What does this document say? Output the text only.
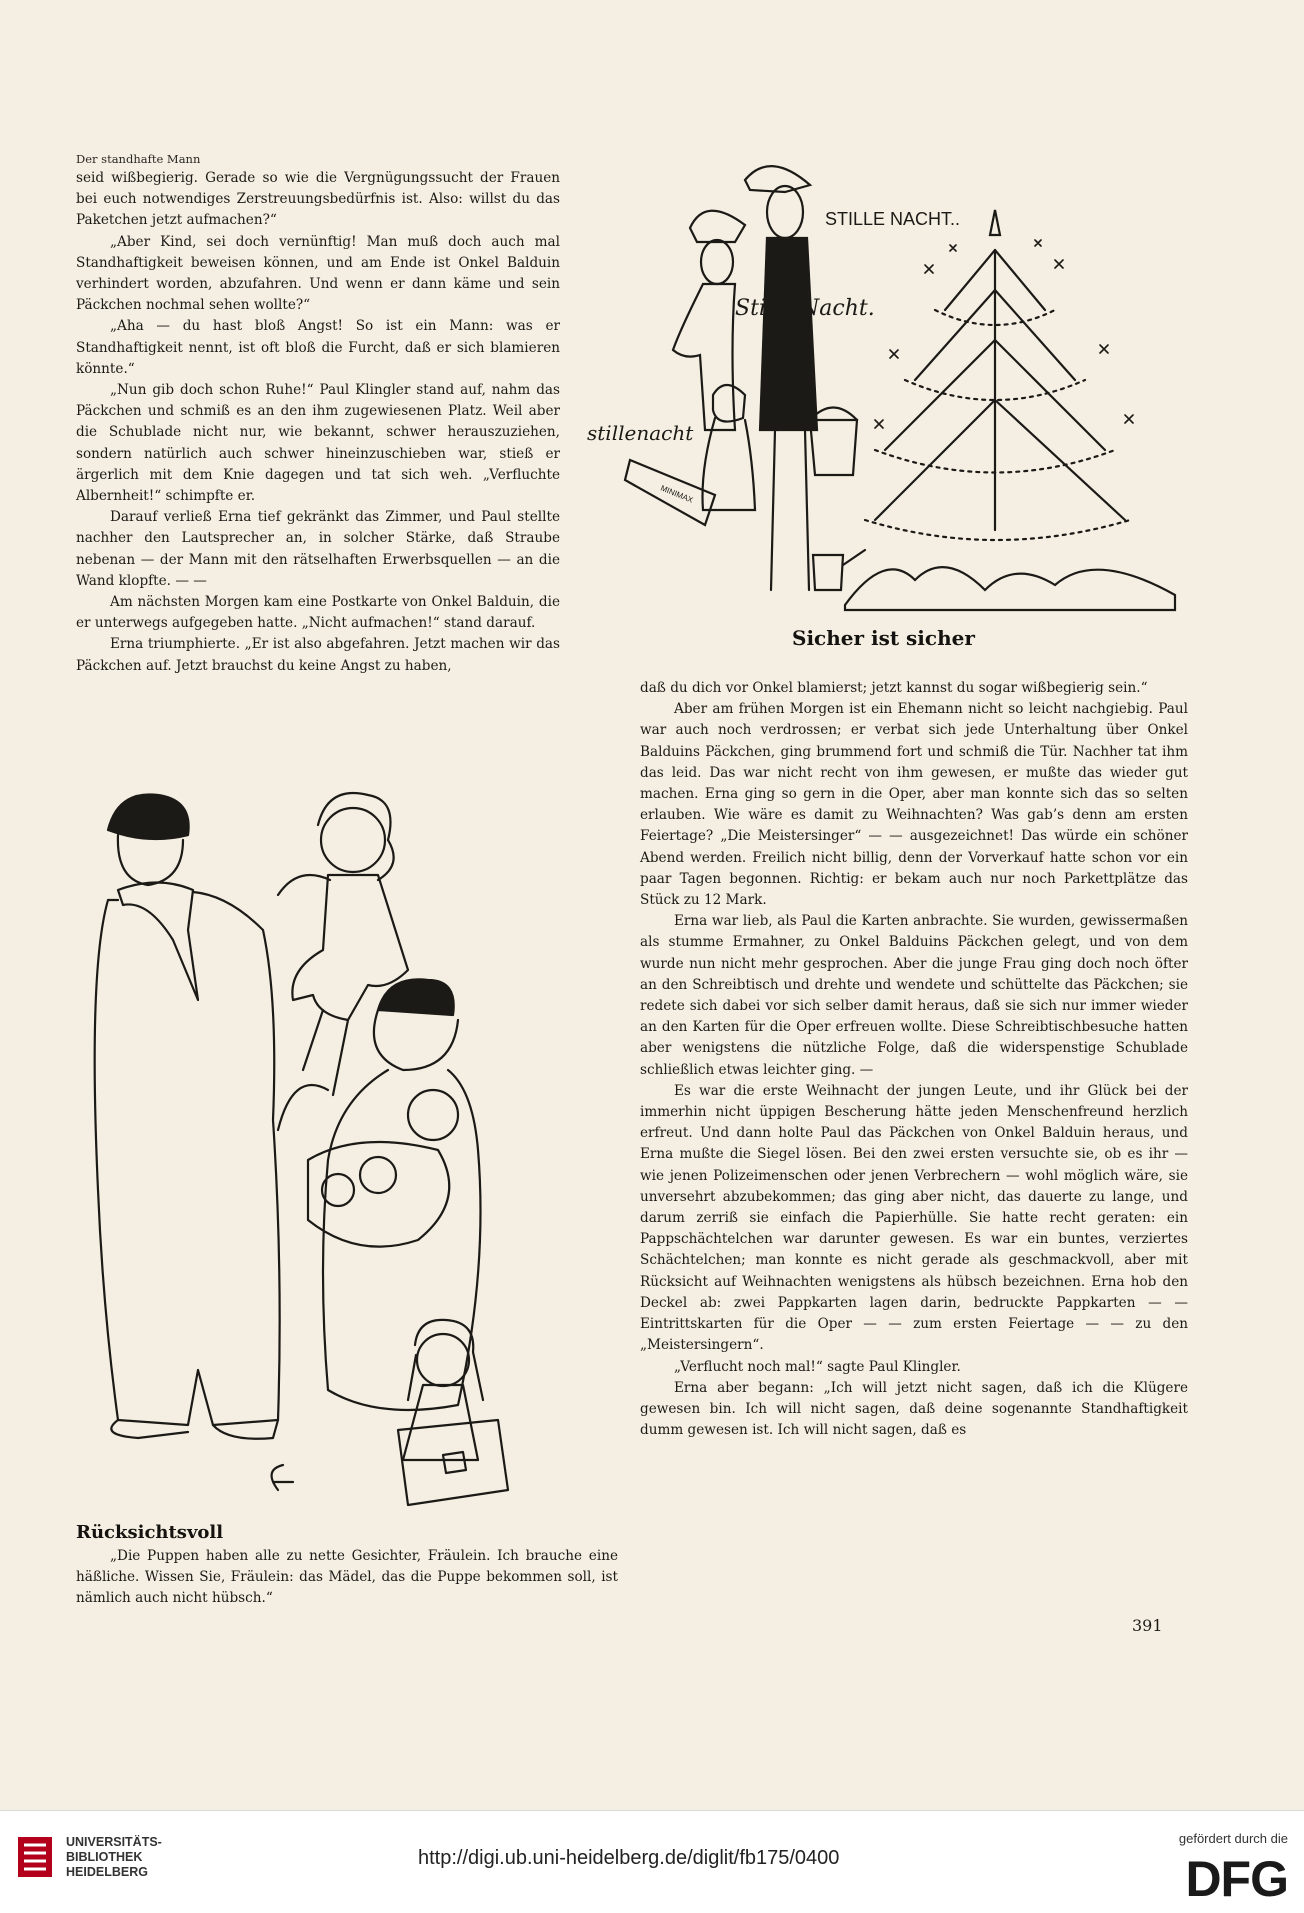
Der standhafte Mann

seid wißbegierig. Gerade so wie die Vergnügungssucht der Frauen bei euch notwendiges Zerstreuungsbedürfnis ist. Also: willst du das Paketchen jetzt aufmachen?“

„Aber Kind, sei doch vernünftig! Man muß doch auch mal Standhaftigkeit beweisen können, und am Ende ist Onkel Balduin verhindert worden, abzufahren. Und wenn er dann käme und sein Päckchen nochmal sehen wollte?“

„Aha — du hast bloß Angst! So ist ein Mann: was er Standhaftigkeit nennt, ist oft bloß die Furcht, daß er sich blamieren könnte.“

„Nun gib doch schon Ruhe!“ Paul Klingler stand auf, nahm das Päckchen und schmiß es an den ihm zugewiesenen Platz. Weil aber die Schublade nicht nur, wie bekannt, schwer herauszuziehen, sondern natürlich auch schwer hineinzuschieben war, stieß er ärgerlich mit dem Knie dagegen und tat sich weh. „Verfluchte Albernheit!“ schimpfte er.

Darauf verließ Erna tief gekränkt das Zimmer, und Paul stellte nachher den Lautsprecher an, in solcher Stärke, daß Straube nebenan — der Mann mit den rätselhaften Erwerbsquellen — an die Wand klopfte. — —

Am nächsten Morgen kam eine Postkarte von Onkel Balduin, die er unterwegs aufgegeben hatte. „Nicht aufmachen!“ stand darauf.

Erna triumphierte. „Er ist also abgefahren. Jetzt machen wir das Päckchen auf. Jetzt brauchst du keine Angst zu haben,

STILLE NACHT..
Stille Nacht.
stillenacht
MINIMAX
Sicher ist sicher
Rücksichtsvoll
„Die Puppen haben alle zu nette Gesichter, Fräulein. Ich brauche eine häßliche. Wissen Sie, Fräulein: das Mädel, das die Puppe bekommen soll, ist nämlich auch nicht hübsch.“

daß du dich vor Onkel blamierst; jetzt kannst du sogar wißbegierig sein.“

Aber am frühen Morgen ist ein Ehemann nicht so leicht nachgiebig. Paul war auch noch verdrossen; er verbat sich jede Unterhaltung über Onkel Balduins Päckchen, ging brummend fort und schmiß die Tür. Nachher tat ihm das leid. Das war nicht recht von ihm gewesen, er mußte das wieder gut machen. Erna ging so gern in die Oper, aber man konnte sich das so selten erlauben. Wie wäre es damit zu Weihnachten? Was gab’s denn am ersten Feiertage? „Die Meistersinger“ — — ausgezeichnet! Das würde ein schöner Abend werden. Freilich nicht billig, denn der Vorverkauf hatte schon vor ein paar Tagen begonnen. Richtig: er bekam auch nur noch Parkettplätze das Stück zu 12 Mark.

Erna war lieb, als Paul die Karten anbrachte. Sie wurden, gewissermaßen als stumme Ermahner, zu Onkel Balduins Päckchen gelegt, und von dem wurde nun nicht mehr gesprochen. Aber die junge Frau ging doch noch öfter an den Schreibtisch und drehte und wendete und schüttelte das Päckchen; sie redete sich dabei vor sich selber damit heraus, daß sie sich nur immer wieder an den Karten für die Oper erfreuen wollte. Diese Schreibtischbesuche hatten aber wenigstens die nützliche Folge, daß die widerspenstige Schublade schließlich etwas leichter ging. —

Es war die erste Weihnacht der jungen Leute, und ihr Glück bei der immerhin nicht üppigen Bescherung hätte jeden Menschenfreund herzlich erfreut. Und dann holte Paul das Päckchen von Onkel Balduin heraus, und Erna mußte die Siegel lösen. Bei den zwei ersten versuchte sie, ob es ihr — wie jenen Polizeimenschen oder jenen Verbrechern — wohl möglich wäre, sie unversehrt abzubekommen; das ging aber nicht, das dauerte zu lange, und darum zerriß sie einfach die Papierhülle. Sie hatte recht geraten: ein Pappschächtelchen war darunter gewesen. Es war ein buntes, verziertes Schächtelchen; man konnte es nicht gerade als geschmackvoll, aber mit Rücksicht auf Weihnachten wenigstens als hübsch bezeichnen. Erna hob den Deckel ab: zwei Pappkarten lagen darin, bedruckte Pappkarten — — Eintrittskarten für die Oper — — zum ersten Feiertage — — zu den „Meistersingern“.

„Verflucht noch mal!“ sagte Paul Klingler.

Erna aber begann: „Ich will jetzt nicht sagen, daß ich die Klügere gewesen bin. Ich will nicht sagen, daß deine sogenannte Standhaftigkeit dumm gewesen ist. Ich will nicht sagen, daß es

391
UNIVERSITÄTS-
BIBLIOTHEK
HEIDELBERG
http://digi.ub.uni-heidelberg.de/diglit/fb175/0400
gefördert durch die
DFG
